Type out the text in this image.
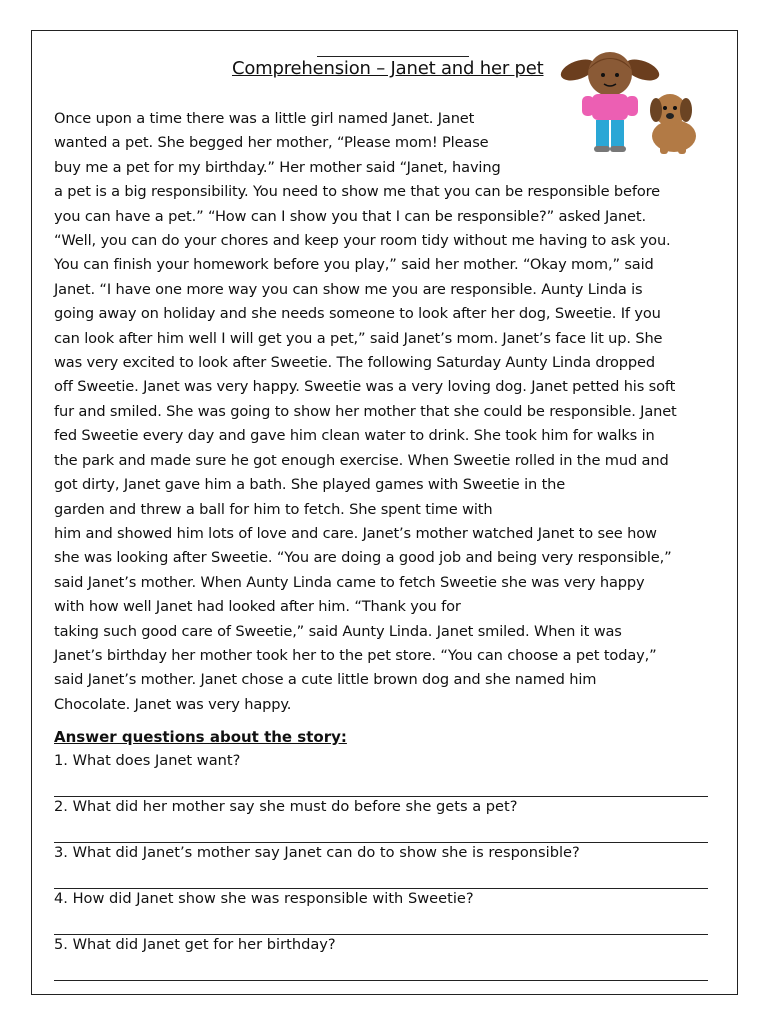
Comprehension – Janet and her pet
Once upon a time there was a little girl named Janet. Janet
wanted a pet. She begged her mother, “Please mom! Please
buy me a pet for my birthday.” Her mother said “Janet, having
a pet is a big responsibility. You need to show me that you can be responsible before
you can have a pet.” “How can I show you that I can be responsible?” asked Janet.
“Well, you can do your chores and keep your room tidy without me having to ask you.
You can finish your homework before you play,” said her mother. “Okay mom,” said
Janet. “I have one more way you can show me you are responsible. Aunty Linda is
going away on holiday and she needs someone to look after her dog, Sweetie. If you
can look after him well I will get you a pet,” said Janet’s mom. Janet’s face lit up. She
was very excited to look after Sweetie. The following Saturday Aunty Linda dropped
off Sweetie. Janet was very happy. Sweetie was a very loving dog. Janet petted his soft
fur and smiled. She was going to show her mother that she could be responsible. Janet
fed Sweetie every day and gave him clean water to drink. She took him for walks in
the park and made sure he got enough exercise. When Sweetie rolled in the mud and
got dirty, Janet gave him a bath. She played games with Sweetie in the
garden and threw a ball for him to fetch. She spent time with
him and showed him lots of love and care. Janet’s mother watched Janet to see how
she was looking after Sweetie. “You are doing a good job and being very responsible,”
said Janet’s mother. When Aunty Linda came to fetch Sweetie she was very happy
with how well Janet had looked after him. “Thank you for
taking such good care of Sweetie,” said Aunty Linda. Janet smiled. When it was
Janet’s birthday her mother took her to the pet store. “You can choose a pet today,”
said Janet’s mother. Janet chose a cute little brown dog and she named him
Chocolate. Janet was very happy.
Answer questions about the story:
1. What does Janet want?
2. What did her mother say she must do before she gets a pet?
3. What did Janet’s mother say Janet can do to show she is responsible?
4. How did Janet show she was responsible with Sweetie?
5. What did Janet get for her birthday?
